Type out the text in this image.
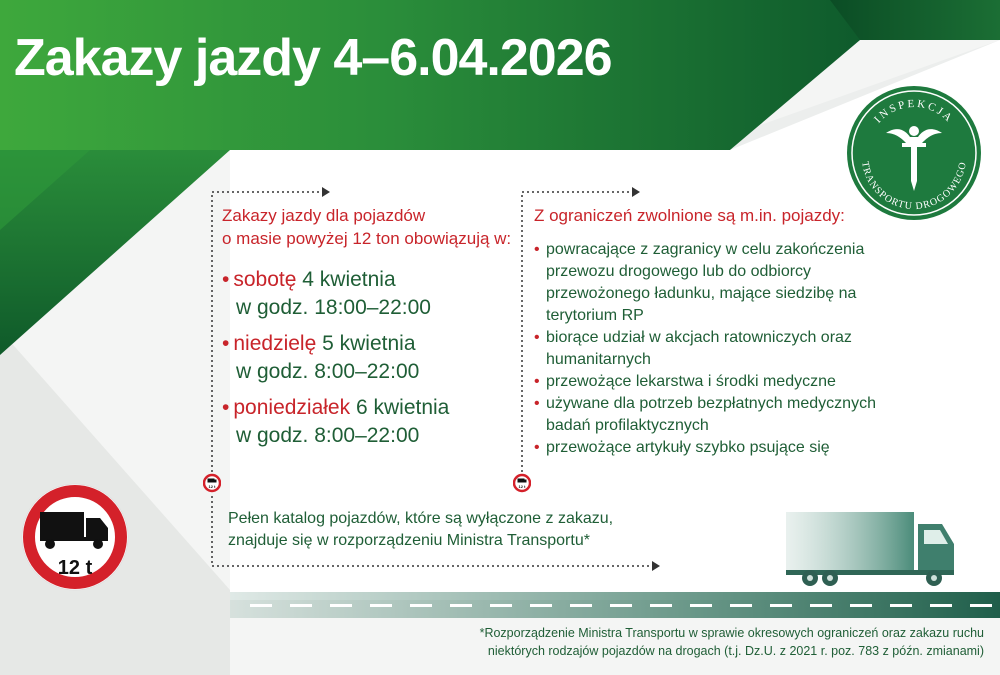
Zakazy jazdy 4–6.04.2026
INSPEKCJA
TRANSPORTU DROGOWEGO
12 t	12 t
Zakazy jazdy dla pojazdów
o masie powyżej 12 ton obowiązują w:
• sobotę 4 kwietnia
w godz. 18:00–22:00
• niedzielę 5 kwietnia
w godz. 8:00–22:00
• poniedziałek 6 kwietnia
w godz. 8:00–22:00
Z ograniczeń zwolnione są m.in. pojazdy:
• powracające z zagranicy w celu zakończenia przewozu drogowego lub do odbiorcy przewożonego ładunku, mające siedzibę na terytorium RP
• biorące udział w akcjach ratowniczych oraz humanitarnych
• przewożące lekarstwa i środki medyczne
• używane dla potrzeb bezpłatnych medycznych badań profilaktycznych
• przewożące artykuły szybko psujące się
Pełen katalog pojazdów, które są wyłączone z zakazu,
znajduje się w rozporządzeniu Ministra Transportu*
12 t
*Rozporządzenie Ministra Transportu w sprawie okresowych ograniczeń oraz zakazu ruchu
niektórych rodzajów pojazdów na drogach (t.j. Dz.U. z 2021 r. poz. 783 z późn. zmianami)
